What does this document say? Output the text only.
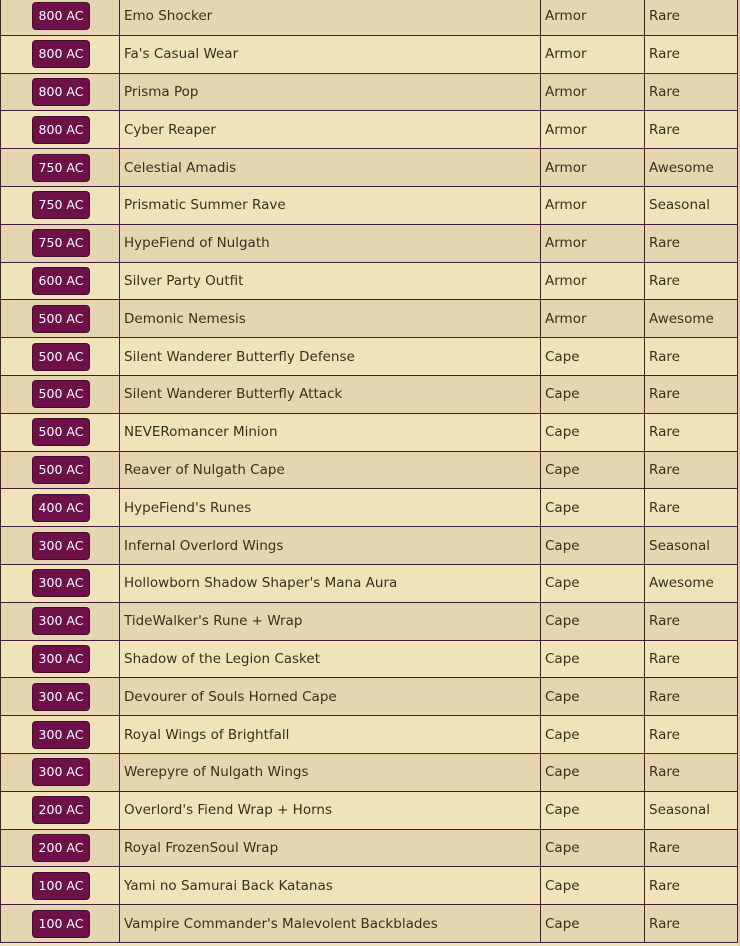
800 AC	Emo Shocker	Armor	Rare
800 AC	Fa's Casual Wear	Armor	Rare
800 AC	Prisma Pop	Armor	Rare
800 AC	Cyber Reaper	Armor	Rare
750 AC	Celestial Amadis	Armor	Awesome
750 AC	Prismatic Summer Rave	Armor	Seasonal
750 AC	HypeFiend of Nulgath	Armor	Rare
600 AC	Silver Party Outfit	Armor	Rare
500 AC	Demonic Nemesis	Armor	Awesome
500 AC	Silent Wanderer Butterfly Defense	Cape	Rare
500 AC	Silent Wanderer Butterfly Attack	Cape	Rare
500 AC	NEVERomancer Minion	Cape	Rare
500 AC	Reaver of Nulgath Cape	Cape	Rare
400 AC	HypeFiend's Runes	Cape	Rare
300 AC	Infernal Overlord Wings	Cape	Seasonal
300 AC	Hollowborn Shadow Shaper's Mana Aura	Cape	Awesome
300 AC	TideWalker's Rune + Wrap	Cape	Rare
300 AC	Shadow of the Legion Casket	Cape	Rare
300 AC	Devourer of Souls Horned Cape	Cape	Rare
300 AC	Royal Wings of Brightfall	Cape	Rare
300 AC	Werepyre of Nulgath Wings	Cape	Rare
200 AC	Overlord's Fiend Wrap + Horns	Cape	Seasonal
200 AC	Royal FrozenSoul Wrap	Cape	Rare
100 AC	Yami no Samurai Back Katanas	Cape	Rare
100 AC	Vampire Commander's Malevolent Backblades	Cape	Rare
